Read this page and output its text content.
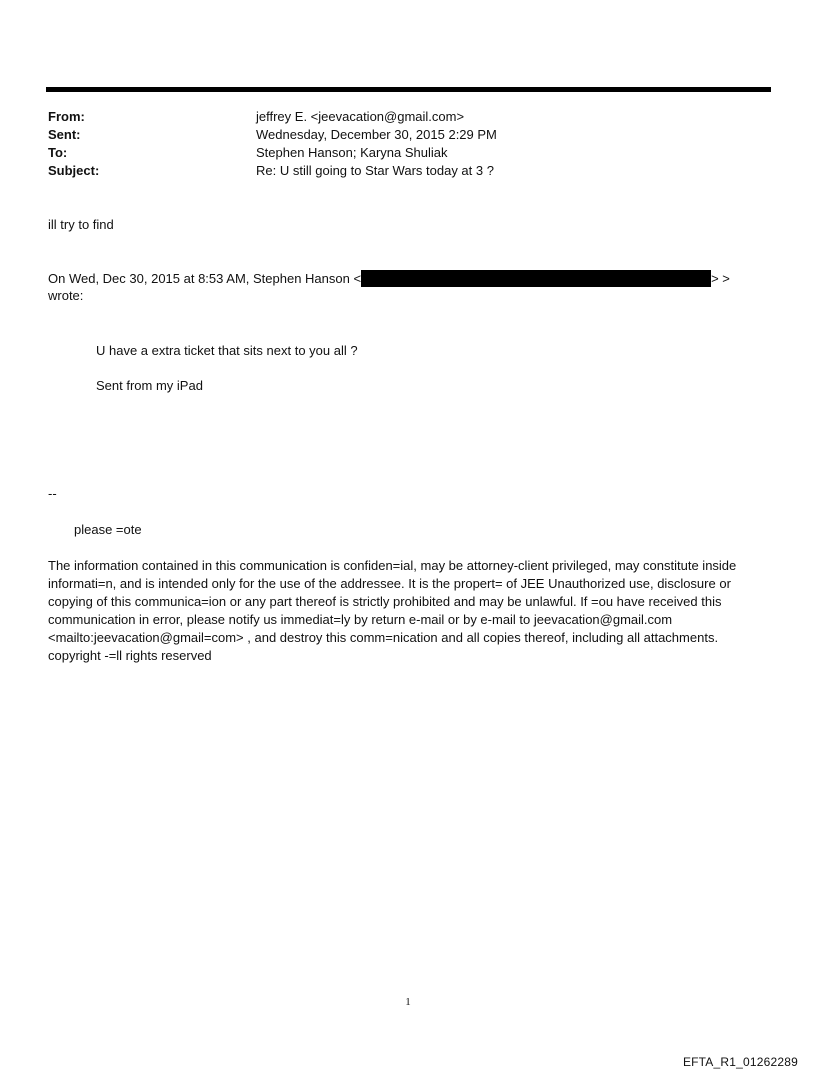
From:	jeffrey E. <jeevacation@gmail.com>
Sent:	Wednesday, December 30, 2015 2:29 PM
To:	Stephen Hanson; Karyna Shuliak
Subject:	Re: U still going to Star Wars today at 3 ?
ill try to find
On Wed, Dec 30, 2015 at 8:53 AM, Stephen Hanson <	> >
wrote:
U have a extra ticket that sits next to you all ?
Sent from my iPad
--
please =ote
The information contained in this communication is confiden=ial, may be attorney-client privileged, may constitute inside informati=n, and is intended only for the use of the addressee. It is the propert= of JEE Unauthorized use, disclosure or copying of this communica=ion or any part thereof is strictly prohibited and may be unlawful. If =ou have received this communication in error, please notify us immediat=ly by return e-mail or by e-mail to jeevacation@gmail.com <mailto:jeevacation@gmail=com> , and destroy this comm=nication and all copies thereof, including all attachments. copyright -=ll rights reserved
1
EFTA_R1_01262289
